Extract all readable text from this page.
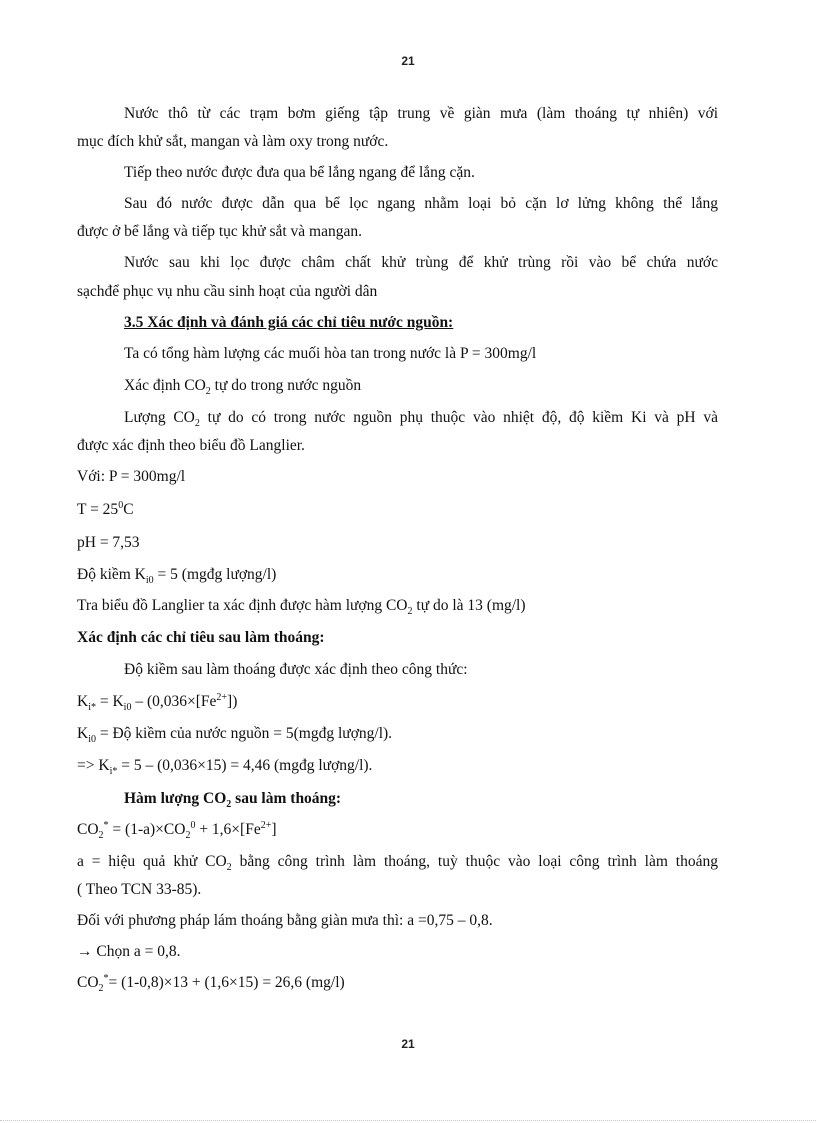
21
Nước thô từ các trạm bơm giếng tập trung về giàn mưa (làm thoáng tự nhiên) với
mục đích khử sắt, mangan và làm oxy trong nước.
Tiếp theo nước được đưa qua bể lắng ngang để lắng cặn.
Sau đó nước được dẫn qua bể lọc ngang nhằm loại bỏ cặn lơ lửng không thể lắng
được ở bể lắng và tiếp tục khử sắt và mangan.
Nước sau khi lọc được châm chất khử trùng để khử trùng rồi vào bể chứa nước
sạchđể phục vụ nhu cầu sinh hoạt của người dân
3.5 Xác định và đánh giá các chỉ tiêu nước nguồn:
Ta có tổng hàm lượng các muối hòa tan trong nước là P = 300mg/l
Xác định $CO_2$ tự do trong nước nguồn
Lượng $CO_2$ tự do có trong nước nguồn phụ thuộc vào nhiệt độ, độ kiềm Ki và pH và
được xác định theo biểu đồ Langlier.
Với: P = 300mg/l
$T = 25^0C$
pH = 7,53
Độ kiềm $K_{i0} = 5$ (mgđg lượng/l)
Tra biểu đồ Langlier ta xác định được hàm lượng $CO_2$ tự do là 13 (mg/l)
Xác định các chỉ tiêu sau làm thoáng:
Độ kiềm sau làm thoáng được xác định theo công thức:
$K_{i*} = K_{i0} - (0,036\times[Fe^{2+}])$
$K_{i0}$ = Độ kiềm của nước nguồn = 5(mgđg lượng/l).
=> $K_{i*} = 5 - (0,036\times 15) = 4,46$ (mgđg lượng/l).
Hàm lượng $CO_2$ sau làm thoáng:
$CO_2^* = (1-a)\times CO_2^0 + 1,6\times[Fe^{2+}]$
a = hiệu quả khử $CO_2$ bằng công trình làm thoáng, tuỳ thuộc vào loại công trình làm thoáng
( Theo TCN 33-85).
Đối với phương pháp lám thoáng bằng giàn mưa thì: a =0,75 – 0,8.
→ Chọn a = 0,8.
$CO_2^*= (1-0,8)\times 13 + (1,6\times 15) = 26,6$ (mg/l)
21
